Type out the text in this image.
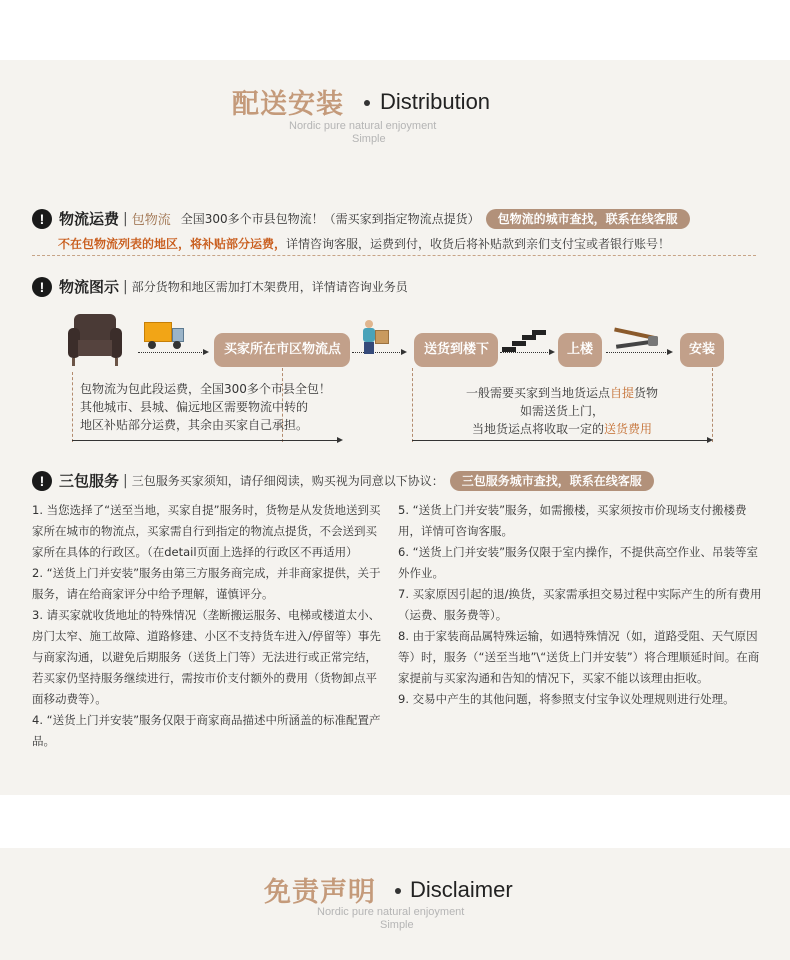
配送安装 Distribution
Nordic pure natural enjoyment
Simple
! 物流运费 | 包物流 全国300多个市县包物流！（需买家到指定物流点提货）	包物流的城市查找，联系在线客服
不在包物流列表的地区，将补贴部分运费，详情咨询客服，运费到付，收货后将补贴款到亲们支付宝或者银行账号！
! 物流图示 | 部分货物和地区需加打木架费用，详情请咨询业务员
买家所在市区物流点	送货到楼下	上楼	安装
包物流为包此段运费，全国300多个市县全包！
其他城市、县城、偏远地区需要物流中转的
地区补贴部分运费，其余由买家自己承担。
一般需要买家到当地货运点自提货物
如需送货上门，
当地货运点将收取一定的送货费用
! 三包服务 | 三包服务买家须知，请仔细阅读，购买视为同意以下协议：	三包服务城市查找，联系在线客服

1. 当您选择了“送至当地，买家自提”服务时，货物是从发货地送到买家所在城市的物流点，买家需自行到指定的物流点提货，不会送到买家所在具体的行政区。（在detail页面上选择的行政区不再适用）

2. “送货上门并安装”服务由第三方服务商完成，并非商家提供，关于服务，请在给商家评分中给予理解，谨慎评分。

3. 请买家就收货地址的特殊情况（垄断搬运服务、电梯或楼道太小、房门太窄、施工故障、道路修建、小区不支持货车进入/停留等）事先与商家沟通，以避免后期服务（送货上门等）无法进行或正常完结，若买家仍坚持服务继续进行，需按市价支付额外的费用（货物卸点平面移动费等）。

4. “送货上门并安装”服务仅限于商家商品描述中所涵盖的标准配置产品。

5. “送货上门并安装”服务，如需搬楼，买家须按市价现场支付搬楼费用，详情可咨询客服。

6. “送货上门并安装”服务仅限于室内操作，不提供高空作业、吊装等室外作业。

7. 买家原因引起的退/换货，买家需承担交易过程中实际产生的所有费用（运费、服务费等）。

8. 由于家装商品属特殊运输，如遇特殊情况（如，道路受阻、天气原因等）时，服务（“送至当地”\“送货上门并安装”）将合理顺延时间。在商家提前与买家沟通和告知的情况下，买家不能以该理由拒收。

9. 交易中产生的其他问题，将参照支付宝争议处理规则进行处理。

免责声明 Disclaimer
Nordic pure natural enjoyment
Simple
